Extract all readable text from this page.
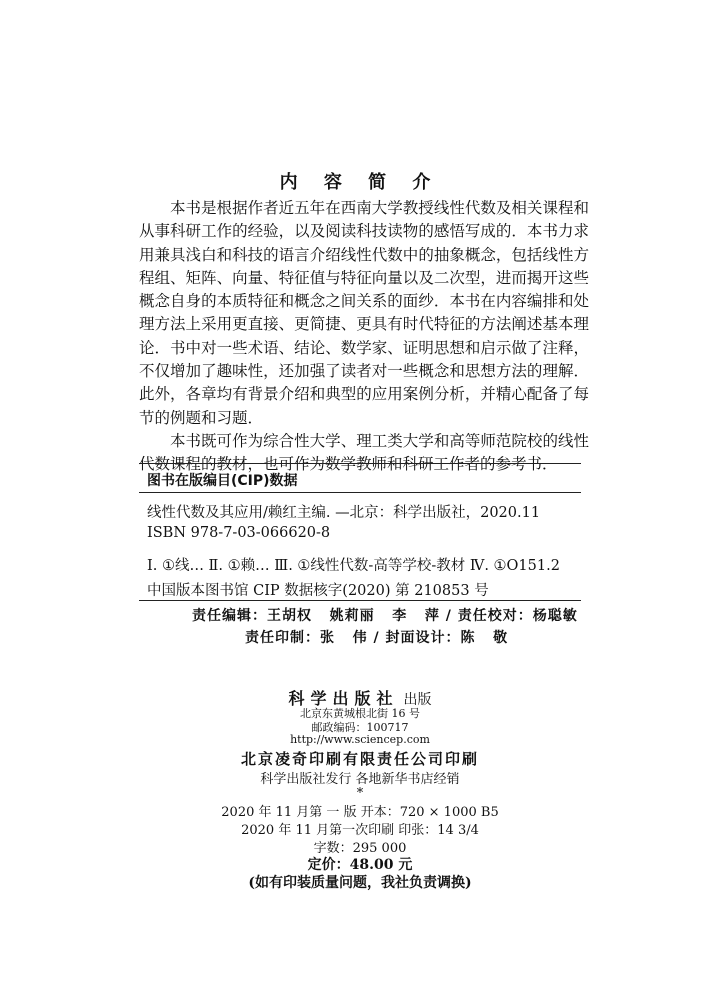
内 容 简 介

本书是根据作者近五年在西南大学教授线性代数及相关课程和从事科研工作的经验，以及阅读科技读物的感悟写成的．本书力求用兼具浅白和科技的语言介绍线性代数中的抽象概念，包括线性方程组、矩阵、向量、特征值与特征向量以及二次型，进而揭开这些概念自身的本质特征和概念之间关系的面纱．本书在内容编排和处理方法上采用更直接、更简捷、更具有时代特征的方法阐述基本理论．书中对一些术语、结论、数学家、证明思想和启示做了注释，不仅增加了趣味性，还加强了读者对一些概念和思想方法的理解．此外，各章均有背景介绍和典型的应用案例分析，并精心配备了每节的例题和习题．

本书既可作为综合性大学、理工类大学和高等师范院校的线性代数课程的教材，也可作为数学教师和科研工作者的参考书．

图书在版编目(CIP)数据
线性代数及其应用/赖红主编. —北京：科学出版社，2020.11
ISBN 978-7-03-066620-8
Ⅰ. ①线… Ⅱ. ①赖… Ⅲ. ①线性代数-高等学校-教材 Ⅳ. ①O151.2
中国版本图书馆 CIP 数据核字(2020) 第 210853 号
责任编辑：王胡权   姚莉丽   李   萍 / 责任校对：杨聪敏
责任印制：张   伟 / 封面设计：陈   敬
科学出版社 出版
北京东黄城根北街 16 号
邮政编码：100717
http://www.sciencep.com
北京凌奇印刷有限责任公司印刷
科学出版社发行 各地新华书店经销
*
2020 年 11 月第 一 版 开本：720 × 1000 B5
2020 年 11 月第一次印刷 印张：14 3/4
字数：295 000
定价：48.00 元
(如有印装质量问题，我社负责调换)
